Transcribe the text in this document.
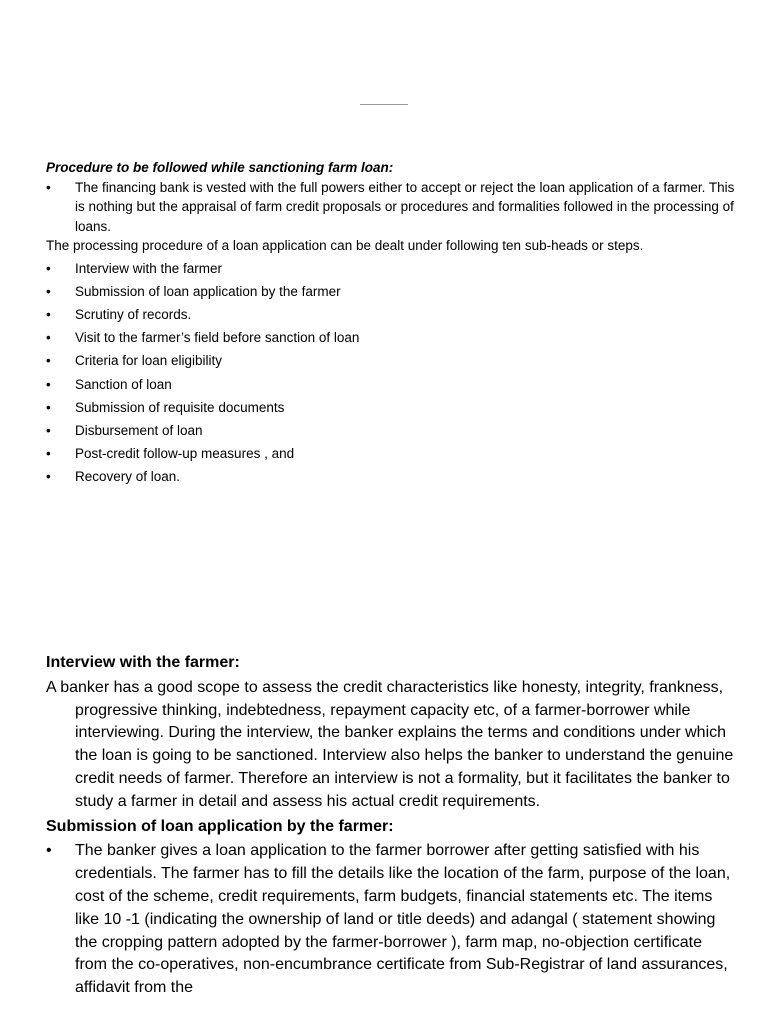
Procedure to be followed while sanctioning farm loan:
• The financing bank is vested with the full powers either to accept or reject the loan application of a farmer. This is nothing but the appraisal of farm credit proposals or procedures and formalities followed in the processing of loans.
The processing procedure of a loan application can be dealt under following ten sub-heads or steps.
• Interview with the farmer
• Submission of loan application by the farmer
• Scrutiny of records.
• Visit to the farmer’s field before sanction of loan
• Criteria for loan eligibility
• Sanction of loan
• Submission of requisite documents
• Disbursement of loan
• Post-credit follow-up measures , and
• Recovery of loan.
Interview with the farmer:
A banker has a good scope to assess the credit characteristics like honesty, integrity, frankness, progressive thinking, indebtedness, repayment capacity etc, of a farmer-borrower while interviewing. During the interview, the banker explains the terms and conditions under which the loan is going to be sanctioned. Interview also helps the banker to understand the genuine credit needs of farmer. Therefore an interview is not a formality, but it facilitates the banker to study a farmer in detail and assess his actual credit requirements.
Submission of loan application by the farmer:
• The banker gives a loan application to the farmer borrower after getting satisfied with his credentials. The farmer has to fill the details like the location of the farm, purpose of the loan, cost of the scheme, credit requirements, farm budgets, financial statements etc. The items like 10 -1 (indicating the ownership of land or title deeds) and adangal ( statement showing the cropping pattern adopted by the farmer-borrower ), farm map, no-objection certificate from the co-operatives, non-encumbrance certificate from Sub-Registrar of land assurances, affidavit from the
